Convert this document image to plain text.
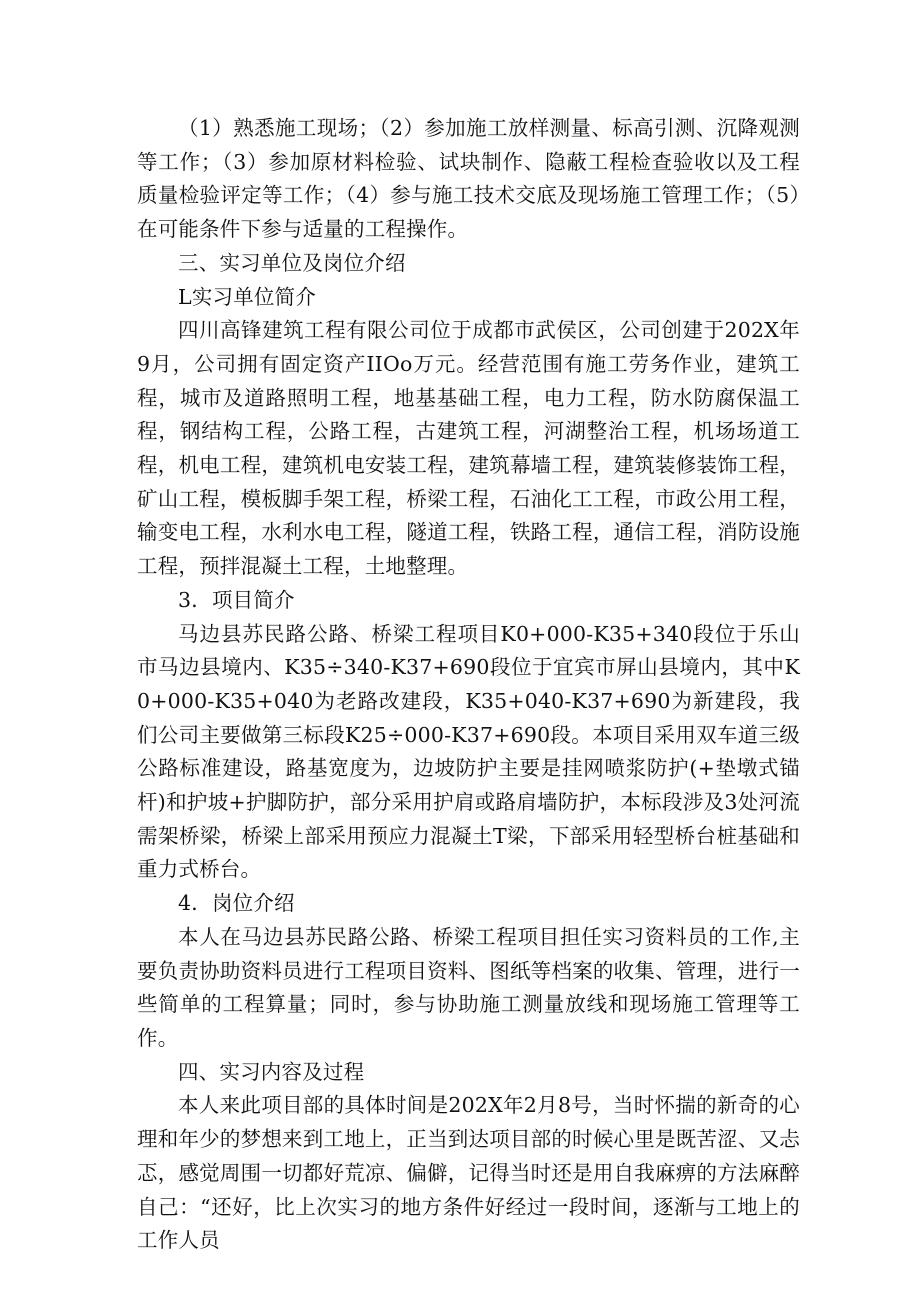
（1）熟悉施工现场；（2）参加施工放样测量、标高引测、沉降观测等工作；（3）参加原材料检验、试块制作、隐蔽工程检查验收以及工程质量检验评定等工作；（4）参与施工技术交底及现场施工管理工作；（5）在可能条件下参与适量的工程操作。

三、实习单位及岗位介绍

L实习单位简介

四川高锋建筑工程有限公司位于成都市武侯区，公司创建于202X年9月，公司拥有固定资产IIOo万元。经营范围有施工劳务作业，建筑工程，城市及道路照明工程，地基基础工程，电力工程，防水防腐保温工程，钢结构工程，公路工程，古建筑工程，河湖整治工程，机场场道工程，机电工程，建筑机电安装工程，建筑幕墙工程，建筑装修装饰工程，矿山工程，模板脚手架工程，桥梁工程，石油化工工程，市政公用工程，输变电工程，水利水电工程，隧道工程，铁路工程，通信工程，消防设施工程，预拌混凝土工程，土地整理。

3．项目简介

马边县苏民路公路、桥梁工程项目K0+000-K35+340段位于乐山市马边县境内、K35÷340-K37+690段位于宜宾市屏山县境内，其中K0+000-K35+040为老路改建段，K35+040-K37+690为新建段，我们公司主要做第三标段K25÷000-K37+690段。本项目采用双车道三级公路标准建设，路基宽度为，边坡防护主要是挂网喷浆防护(+垫墩式锚杆)和护坡+护脚防护，部分采用护肩或路肩墙防护，本标段涉及3处河流需架桥梁，桥梁上部采用预应力混凝土T梁，下部采用轻型桥台桩基础和重力式桥台。

4．岗位介绍

本人在马边县苏民路公路、桥梁工程项目担任实习资料员的工作,主要负责协助资料员进行工程项目资料、图纸等档案的收集、管理，进行一些简单的工程算量；同时，参与协助施工测量放线和现场施工管理等工作。

四、实习内容及过程

本人来此项目部的具体时间是202X年2月8号，当时怀揣的新奇的心理和年少的梦想来到工地上，正当到达项目部的时候心里是既苦涩、又忐忑，感觉周围一切都好荒凉、偏僻，记得当时还是用自我麻痹的方法麻醉自己：“还好，比上次实习的地方条件好经过一段时间，逐渐与工地上的工作人员
